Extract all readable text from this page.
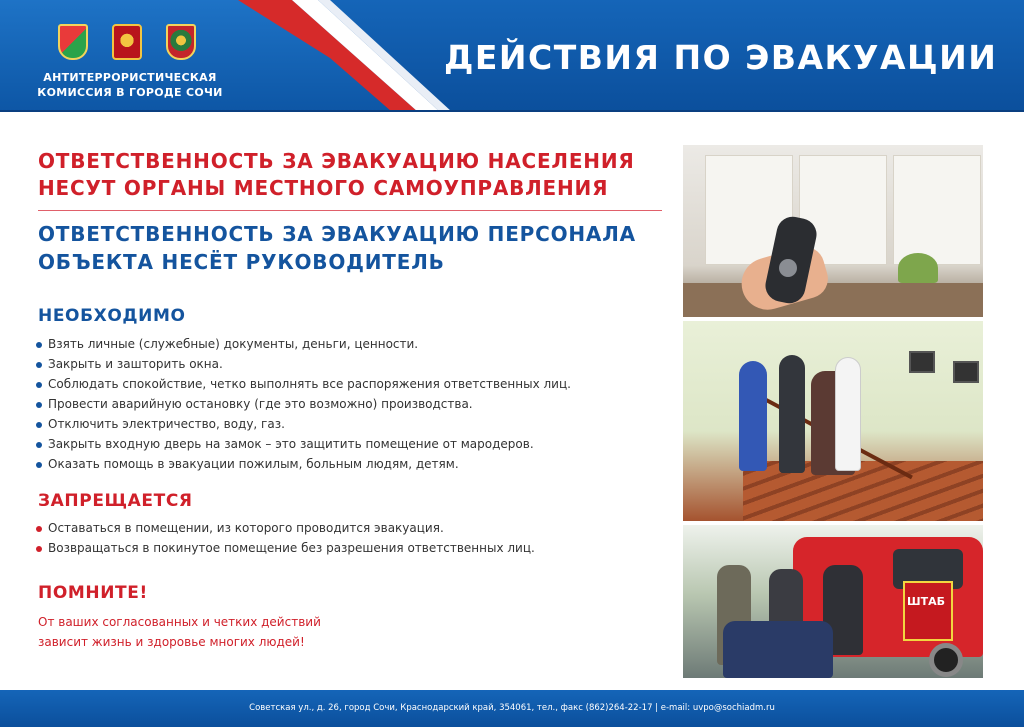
АНТИТЕРРОРИСТИЧЕСКАЯ
КОМИССИЯ В ГОРОДЕ СОЧИ
ДЕЙСТВИЯ ПО ЭВАКУАЦИИ
ОТВЕТСТВЕННОСТЬ ЗА ЭВАКУАЦИЮ НАСЕЛЕНИЯ
НЕСУТ ОРГАНЫ МЕСТНОГО САМОУПРАВЛЕНИЯ
ОТВЕТСТВЕННОСТЬ ЗА ЭВАКУАЦИЮ ПЕРСОНАЛА
ОБЪЕКТА НЕСЁТ РУКОВОДИТЕЛЬ
НЕОБХОДИМО
Взять личные (служебные) документы, деньги, ценности.
Закрыть и зашторить окна.
Соблюдать спокойствие, четко выполнять все распоряжения ответственных лиц.
Провести аварийную остановку (где это возможно) производства.
Отключить электричество, воду, газ.
Закрыть входную дверь на замок – это защитить помещение от мародеров.
Оказать помощь в эвакуации пожилым, больным людям, детям.
ЗАПРЕЩАЕТСЯ
Оставаться в помещении, из которого проводится эвакуация.
Возвращаться в покинутое помещение без разрешения ответственных лиц.
ПОМНИТЕ!
От ваших согласованных и четких действий
зависит жизнь и здоровье многих людей!
ШТАБ
Советская ул., д. 26, город Сочи, Краснодарский край, 354061, тел., факс (862)264-22-17 | e-mail: uvpo@sochiadm.ru
